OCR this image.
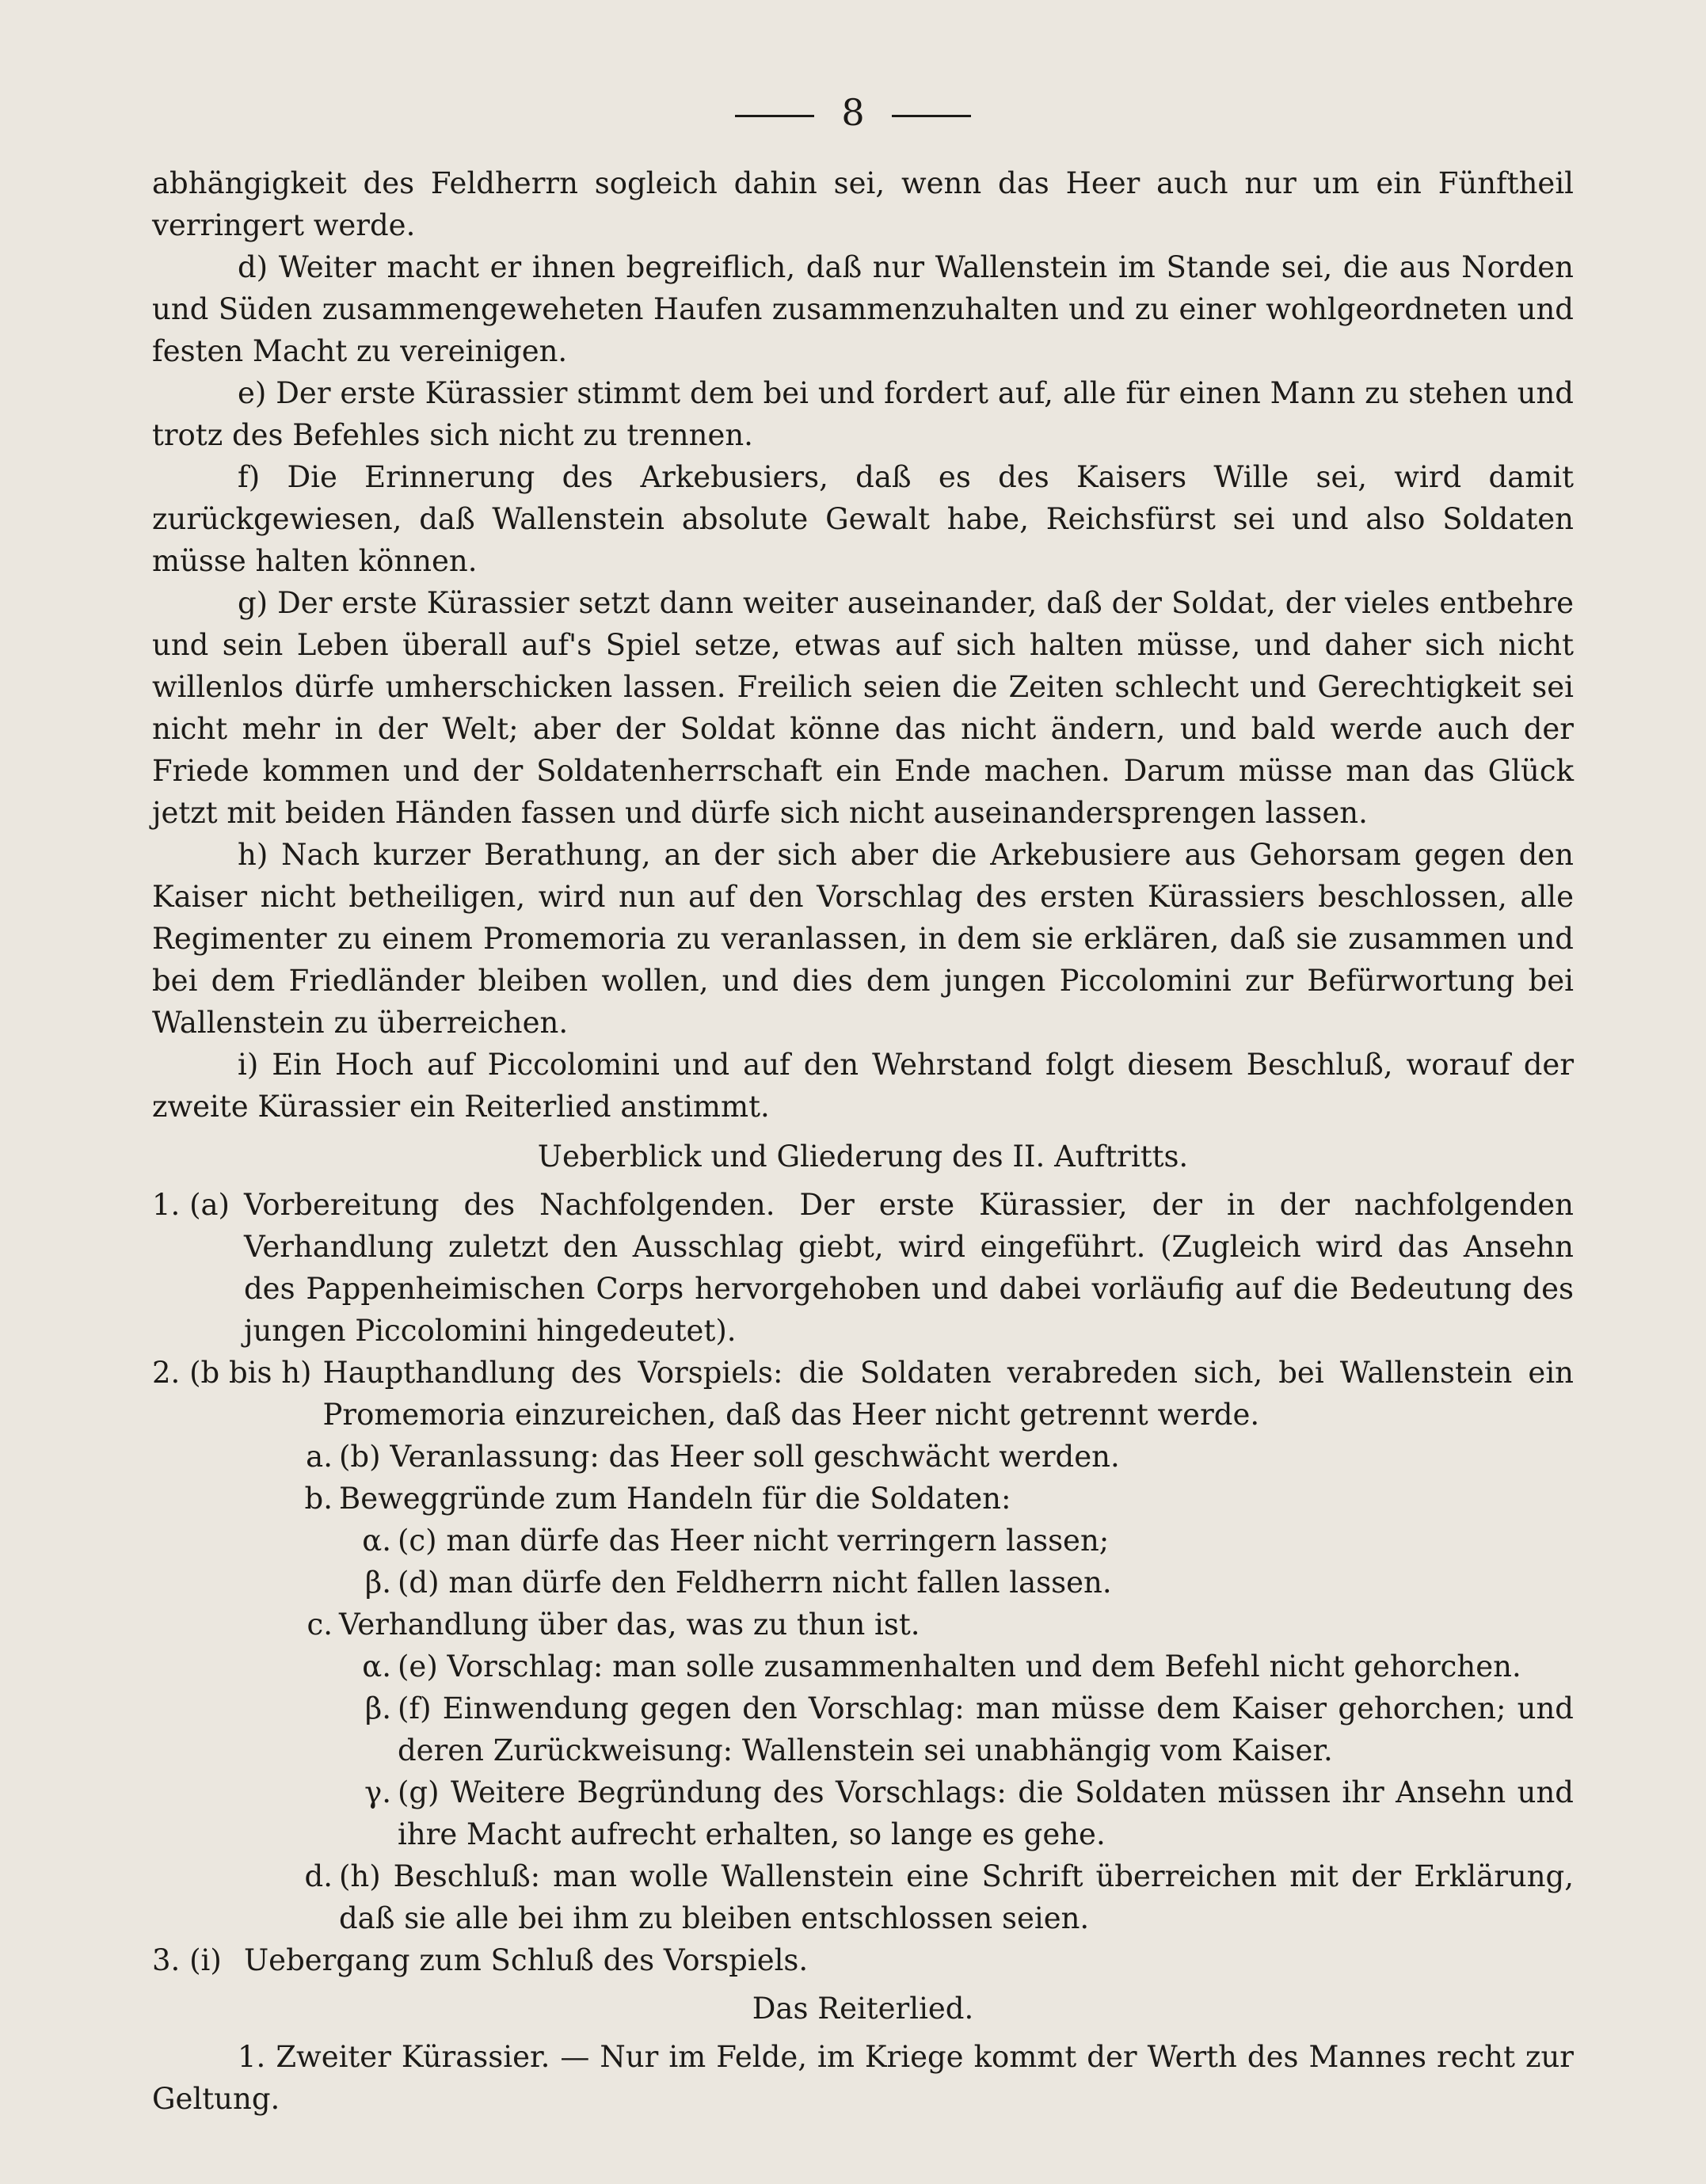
8

abhängigkeit des Feldherrn sogleich dahin sei, wenn das Heer auch nur um ein Fünftheil verringert werde.

d) Weiter macht er ihnen begreiflich, daß nur Wallenstein im Stande sei, die aus Norden und Süden zusammengeweheten Haufen zusammenzuhalten und zu einer wohlgeordneten und festen Macht zu vereinigen.

e) Der erste Kürassier stimmt dem bei und fordert auf, alle für einen Mann zu stehen und trotz des Befehles sich nicht zu trennen.

f) Die Erinnerung des Arkebusiers, daß es des Kaisers Wille sei, wird damit zurückgewiesen, daß Wallenstein absolute Gewalt habe, Reichsfürst sei und also Soldaten müsse halten können.

g) Der erste Kürassier setzt dann weiter auseinander, daß der Soldat, der vieles entbehre und sein Leben überall auf's Spiel setze, etwas auf sich halten müsse, und daher sich nicht willenlos dürfe umherschicken lassen. Freilich seien die Zeiten schlecht und Gerechtigkeit sei nicht mehr in der Welt; aber der Soldat könne das nicht ändern, und bald werde auch der Friede kommen und der Soldatenherrschaft ein Ende machen. Darum müsse man das Glück jetzt mit beiden Händen fassen und dürfe sich nicht auseinandersprengen lassen.

h) Nach kurzer Berathung, an der sich aber die Arkebusiere aus Gehorsam gegen den Kaiser nicht betheiligen, wird nun auf den Vorschlag des ersten Kürassiers beschlossen, alle Regimenter zu einem Promemoria zu veranlassen, in dem sie erklären, daß sie zusammen und bei dem Friedländer bleiben wollen, und dies dem jungen Piccolomini zur Befürwortung bei Wallenstein zu überreichen.

i) Ein Hoch auf Piccolomini und auf den Wehrstand folgt diesem Beschluß, worauf der zweite Kürassier ein Reiterlied anstimmt.

Ueberblick und Gliederung des II. Auftritts.
1. (a) Vorbereitung des Nachfolgenden. Der erste Kürassier, der in der nachfolgenden Verhandlung zuletzt den Ausschlag giebt, wird eingeführt. (Zugleich wird das Ansehn des Pappenheimischen Corps hervorgehoben und dabei vorläufig auf die Bedeutung des jungen Piccolomini hingedeutet).
2. (b bis h) Haupthandlung des Vorspiels: die Soldaten verabreden sich, bei Wallenstein ein Promemoria einzureichen, daß das Heer nicht getrennt werde.
a. (b) Veranlassung: das Heer soll geschwächt werden.
b. Beweggründe zum Handeln für die Soldaten:
α. (c) man dürfe das Heer nicht verringern lassen;
β. (d) man dürfe den Feldherrn nicht fallen lassen.
c. Verhandlung über das, was zu thun ist.
α. (e) Vorschlag: man solle zusammenhalten und dem Befehl nicht gehorchen.
β. (f) Einwendung gegen den Vorschlag: man müsse dem Kaiser gehorchen; und deren Zurückweisung: Wallenstein sei unabhängig vom Kaiser.
γ. (g) Weitere Begründung des Vorschlags: die Soldaten müssen ihr Ansehn und ihre Macht aufrecht erhalten, so lange es gehe.
d. (h) Beschluß: man wolle Wallenstein eine Schrift überreichen mit der Erklärung, daß sie alle bei ihm zu bleiben entschlossen seien.
3. (i) Uebergang zum Schluß des Vorspiels.
Das Reiterlied.

1. Zweiter Kürassier. — Nur im Felde, im Kriege kommt der Werth des Mannes recht zur Geltung.
